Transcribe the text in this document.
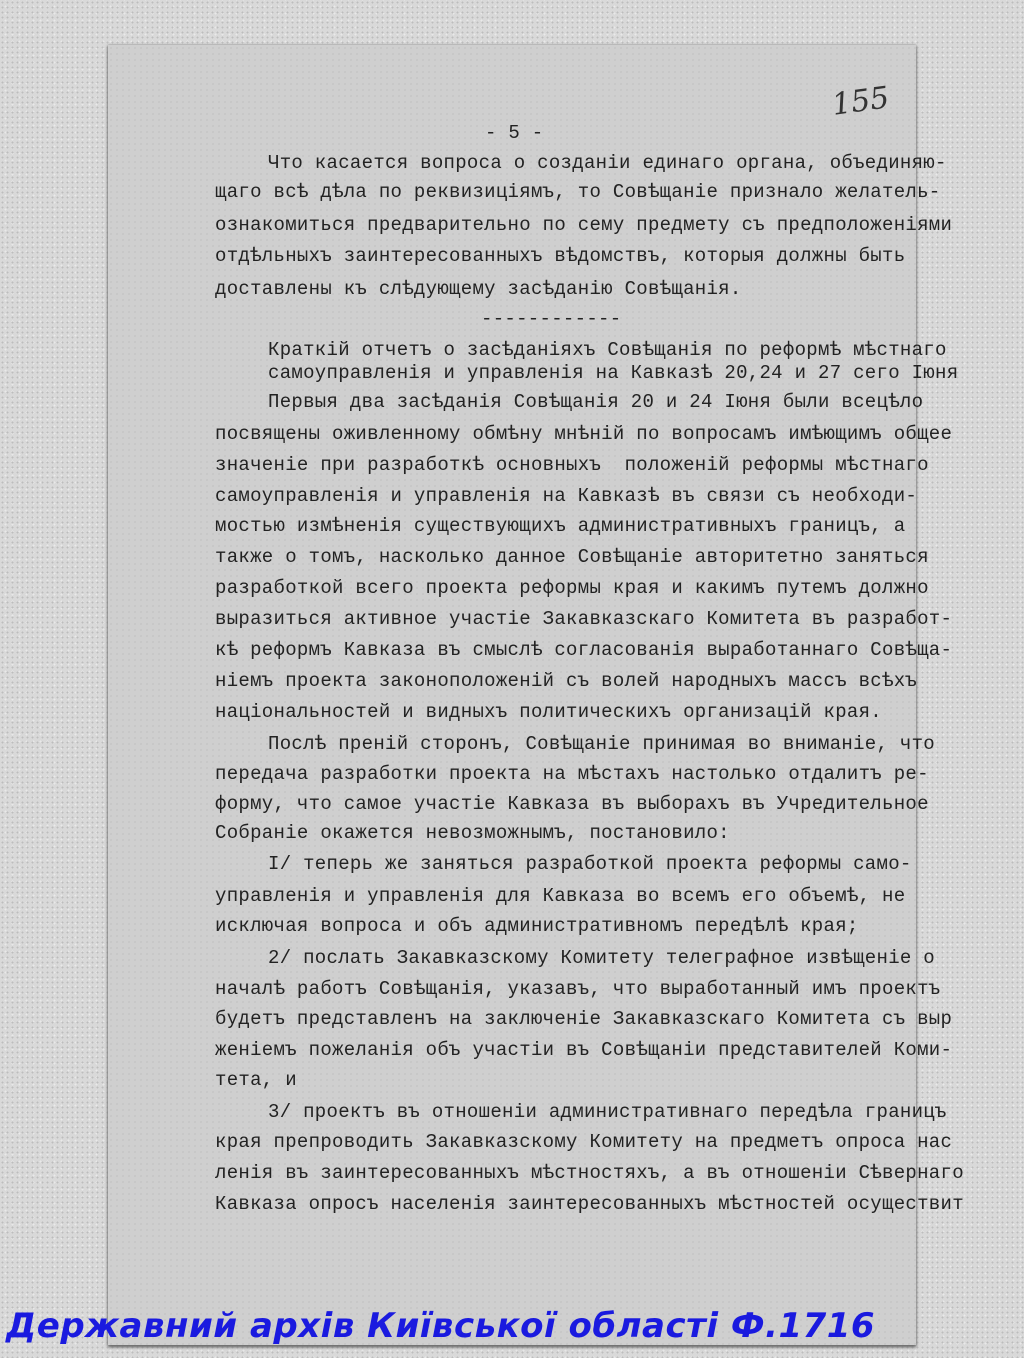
155
- 5 -
Что касается вопроса о созданіи единаго органа, объединяю-
щаго всѣ дѣла по реквизиціямъ, то Совѣщаніе признало желатель-
ознакомиться предварительно по сему предмету съ предположеніями
отдѣльныхъ заинтересованныхъ вѣдомствъ, которыя должны быть
доставлены къ слѣдующему засѣданію Совѣщанія.
------------
Краткій отчетъ о засѣданіяхъ Совѣщанія по реформѣ мѣстнаго
самоуправленія и управленія на Кавказѣ 20,24 и 27 сего Іюня
Первыя два засѣданія Совѣщанія 20 и 24 Іюня были всецѣло
посвящены оживленному обмѣну мнѣній по вопросамъ имѣющимъ общее
значеніе при разработкѣ основныхъ  положеній реформы мѣстнаго
самоуправленія и управленія на Кавказѣ въ связи съ необходи-
мостью измѣненія существующихъ административныхъ границъ, а
также о томъ, насколько данное Совѣщаніе авторитетно заняться
разработкой всего проекта реформы края и какимъ путемъ должно
выразиться активное участіе Закавказскаго Комитета въ разработ-
кѣ реформъ Кавказа въ смыслѣ согласованія выработаннаго Совѣща-
ніемъ проекта законоположеній съ волей народныхъ массъ всѣхъ
національностей и видныхъ политическихъ организацій края.
Послѣ преній сторонъ, Совѣщаніе принимая во вниманіе, что
передача разработки проекта на мѣстахъ настолько отдалитъ ре-
форму, что самое участіе Кавказа въ выборахъ въ Учредительное
Собраніе окажется невозможнымъ, постановило:
І/ теперь же заняться разработкой проекта реформы само-
управленія и управленія для Кавказа во всемъ его объемѣ, не
исключая вопроса и объ административномъ передѣлѣ края;
2/ послать Закавказскому Комитету телеграфное извѣщеніе о
началѣ работъ Совѣщанія, указавъ, что выработанный имъ проектъ
будетъ представленъ на заключеніе Закавказскаго Комитета съ выр
женіемъ пожеланія объ участіи въ Совѣщаніи представителей Коми-
тета, и
3/ проектъ въ отношеніи административнаго передѣла границъ
края препроводить Закавказскому Комитету на предметъ опроса нас
ленія въ заинтересованныхъ мѣстностяхъ, а въ отношеніи Сѣвернаго
Кавказа опросъ населенія заинтересованныхъ мѣстностей осуществит
Державний архів Київської області Ф.1716
